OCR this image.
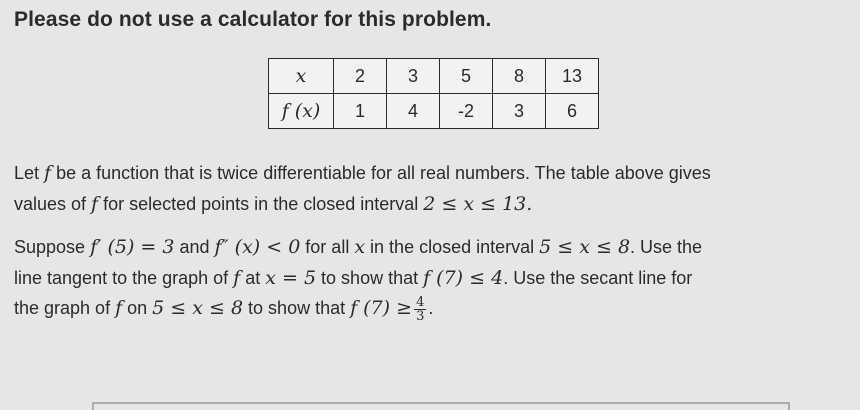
Please do not use a calculator for this problem.
x	2	3	5	8	13
f (x)	1	4	-2	3	6
Let f be a function that is twice differentiable for all real numbers. The table above gives
values of f for selected points in the closed interval 2 ≤ x ≤ 13.
Suppose f′ (5) = 3 and f″ (x) < 0 for all x in the closed interval 5 ≤ x ≤ 8. Use the
line tangent to the graph of f at x = 5 to show that f (7) ≤ 4. Use the secant line for
the graph of f on 5 ≤ x ≤ 8 to show that f $(7) \ge \frac{4}{3}$ .
